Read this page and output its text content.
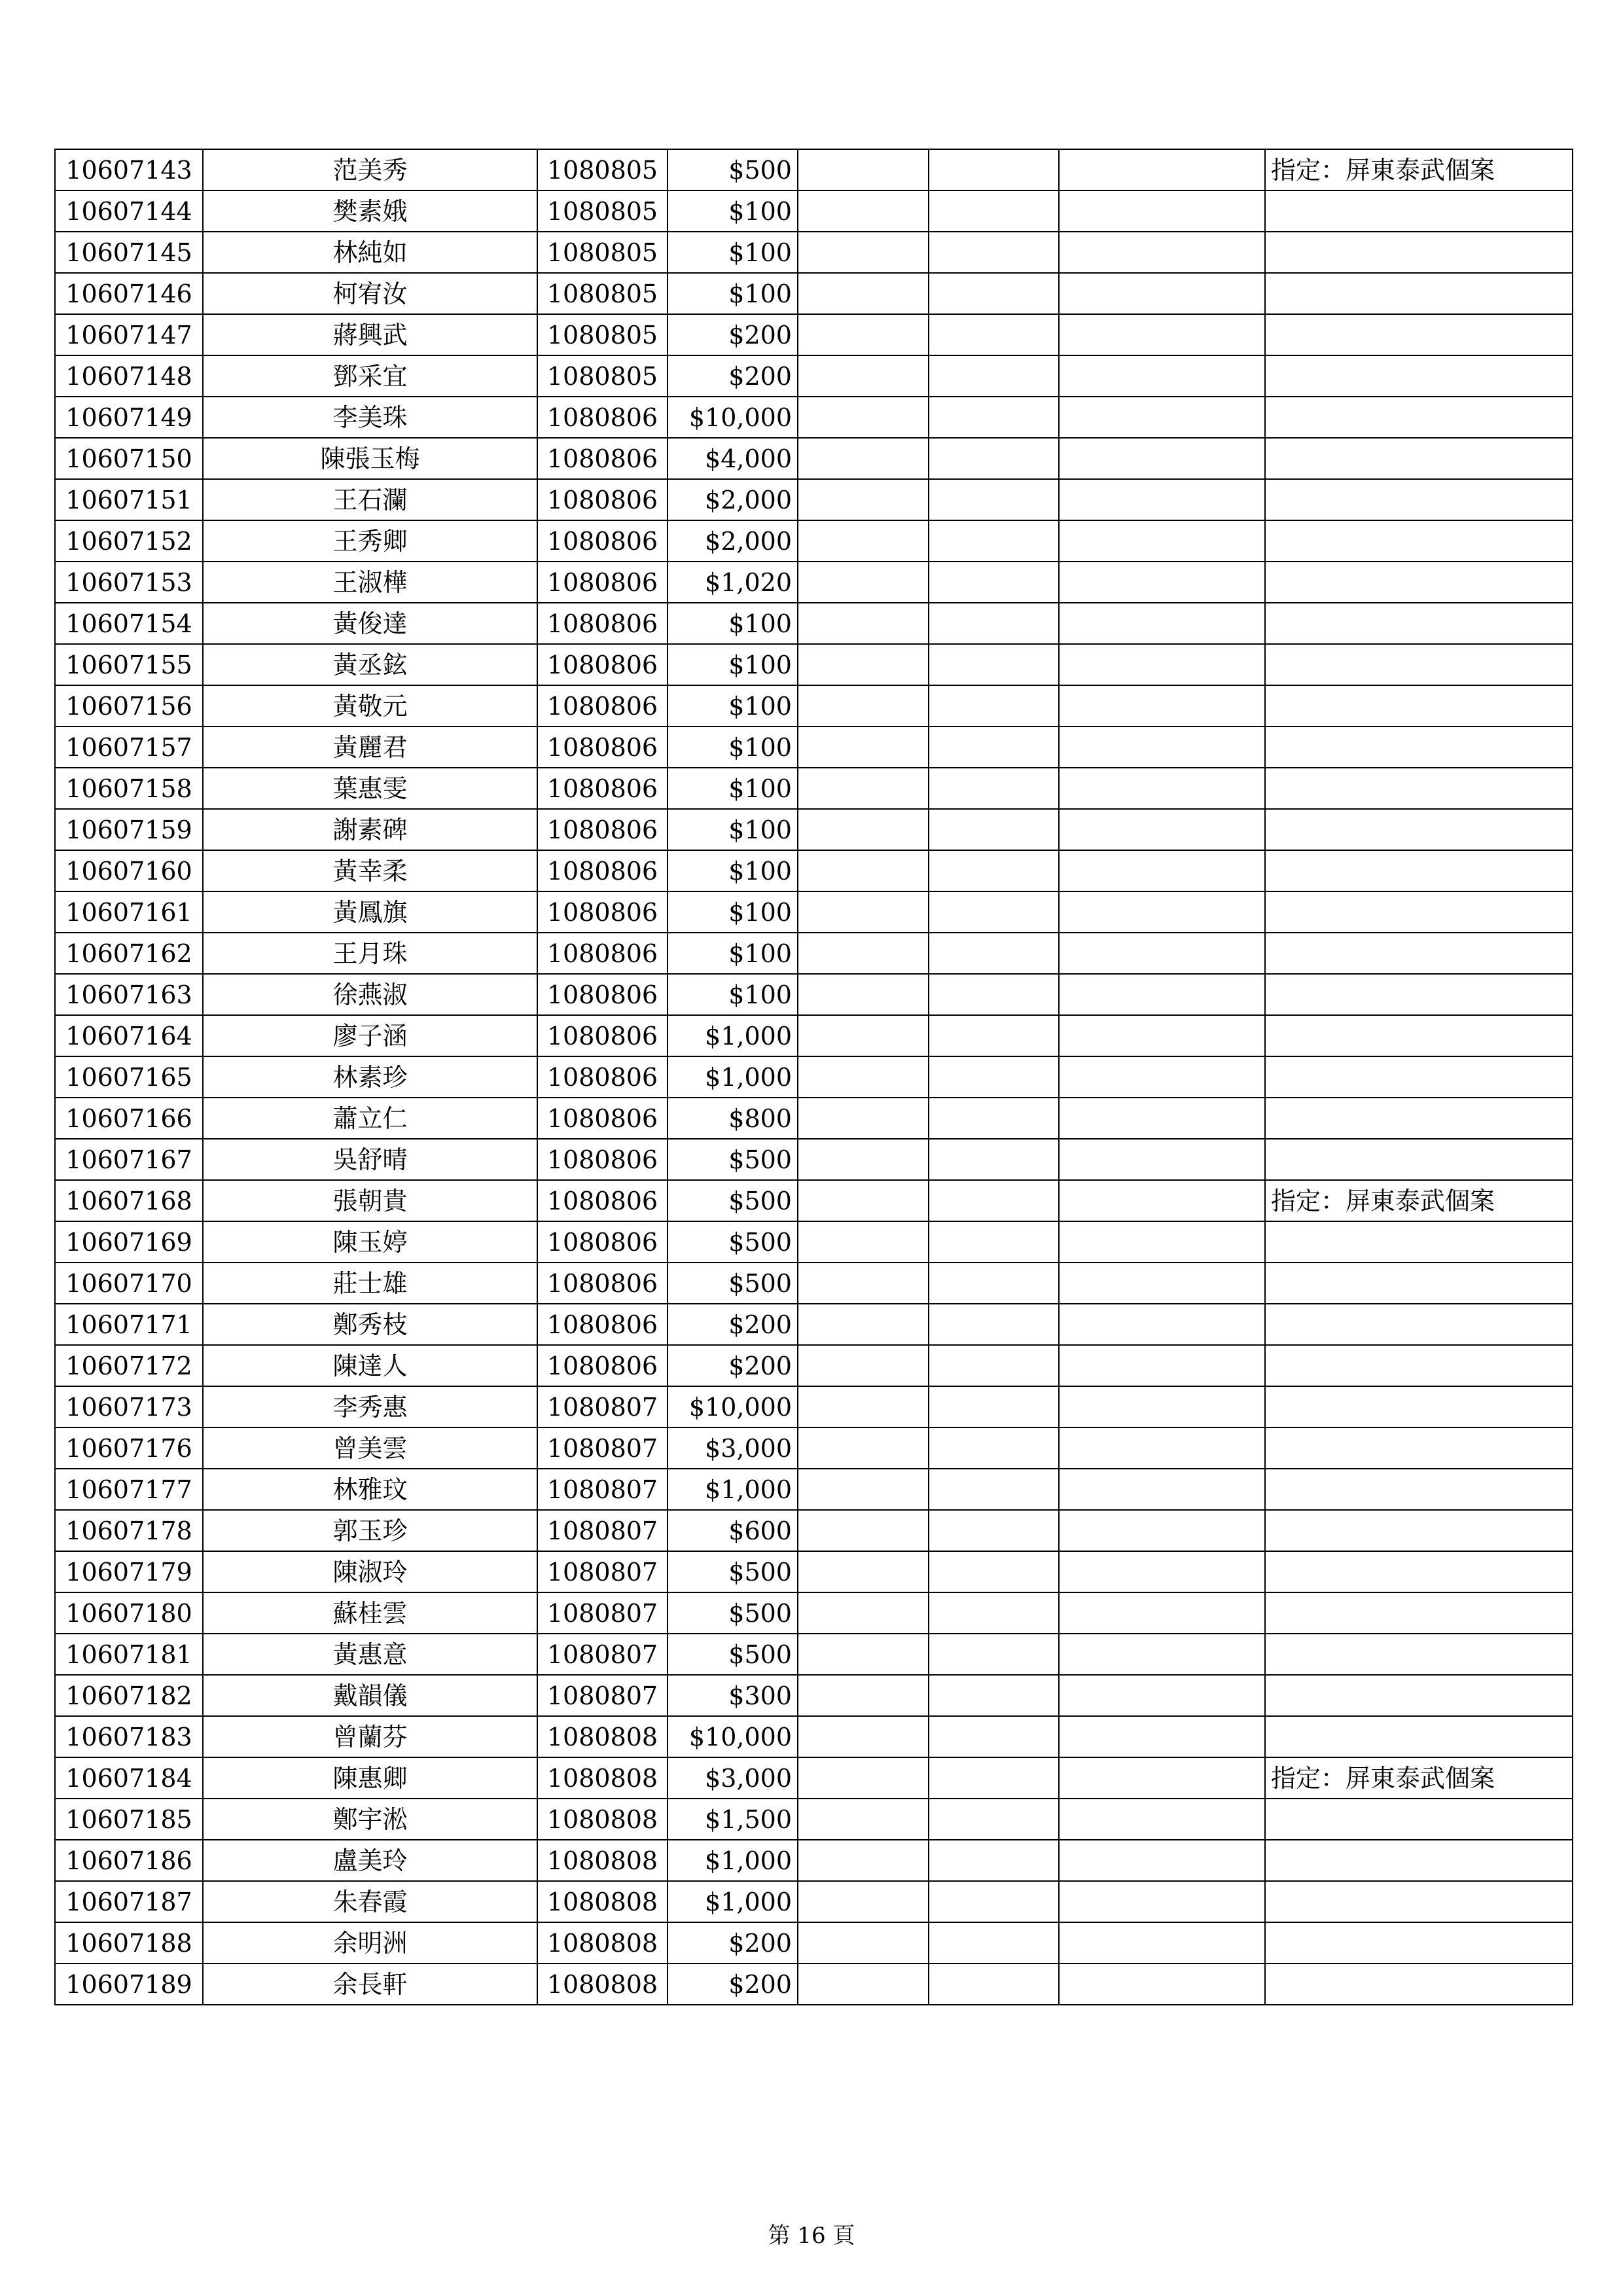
10607143	范美秀	1080805	$500				指定：屏東泰武個案
10607144	樊素娥	1080805	$100				
10607145	林純如	1080805	$100				
10607146	柯宥汝	1080805	$100				
10607147	蔣興武	1080805	$200				
10607148	鄧采宜	1080805	$200				
10607149	李美珠	1080806	$10,000				
10607150	陳張玉梅	1080806	$4,000				
10607151	王石瀾	1080806	$2,000				
10607152	王秀卿	1080806	$2,000				
10607153	王淑樺	1080806	$1,020				
10607154	黃俊達	1080806	$100				
10607155	黃丞鉉	1080806	$100				
10607156	黃敬元	1080806	$100				
10607157	黃麗君	1080806	$100				
10607158	葉惠雯	1080806	$100				
10607159	謝素碑	1080806	$100				
10607160	黃幸柔	1080806	$100				
10607161	黃鳳旗	1080806	$100				
10607162	王月珠	1080806	$100				
10607163	徐燕淑	1080806	$100				
10607164	廖子涵	1080806	$1,000				
10607165	林素珍	1080806	$1,000				
10607166	蕭立仁	1080806	$800				
10607167	吳舒晴	1080806	$500				
10607168	張朝貴	1080806	$500				指定：屏東泰武個案
10607169	陳玉婷	1080806	$500				
10607170	莊士雄	1080806	$500				
10607171	鄭秀枝	1080806	$200				
10607172	陳達人	1080806	$200				
10607173	李秀惠	1080807	$10,000				
10607176	曾美雲	1080807	$3,000				
10607177	林雅玟	1080807	$1,000				
10607178	郭玉珍	1080807	$600				
10607179	陳淑玲	1080807	$500				
10607180	蘇桂雲	1080807	$500				
10607181	黃惠意	1080807	$500				
10607182	戴韻儀	1080807	$300				
10607183	曾蘭芬	1080808	$10,000				
10607184	陳惠卿	1080808	$3,000				指定：屏東泰武個案
10607185	鄭宇淞	1080808	$1,500				
10607186	盧美玲	1080808	$1,000				
10607187	朱春霞	1080808	$1,000				
10607188	余明洲	1080808	$200				
10607189	余長軒	1080808	$200				
第 16 頁
